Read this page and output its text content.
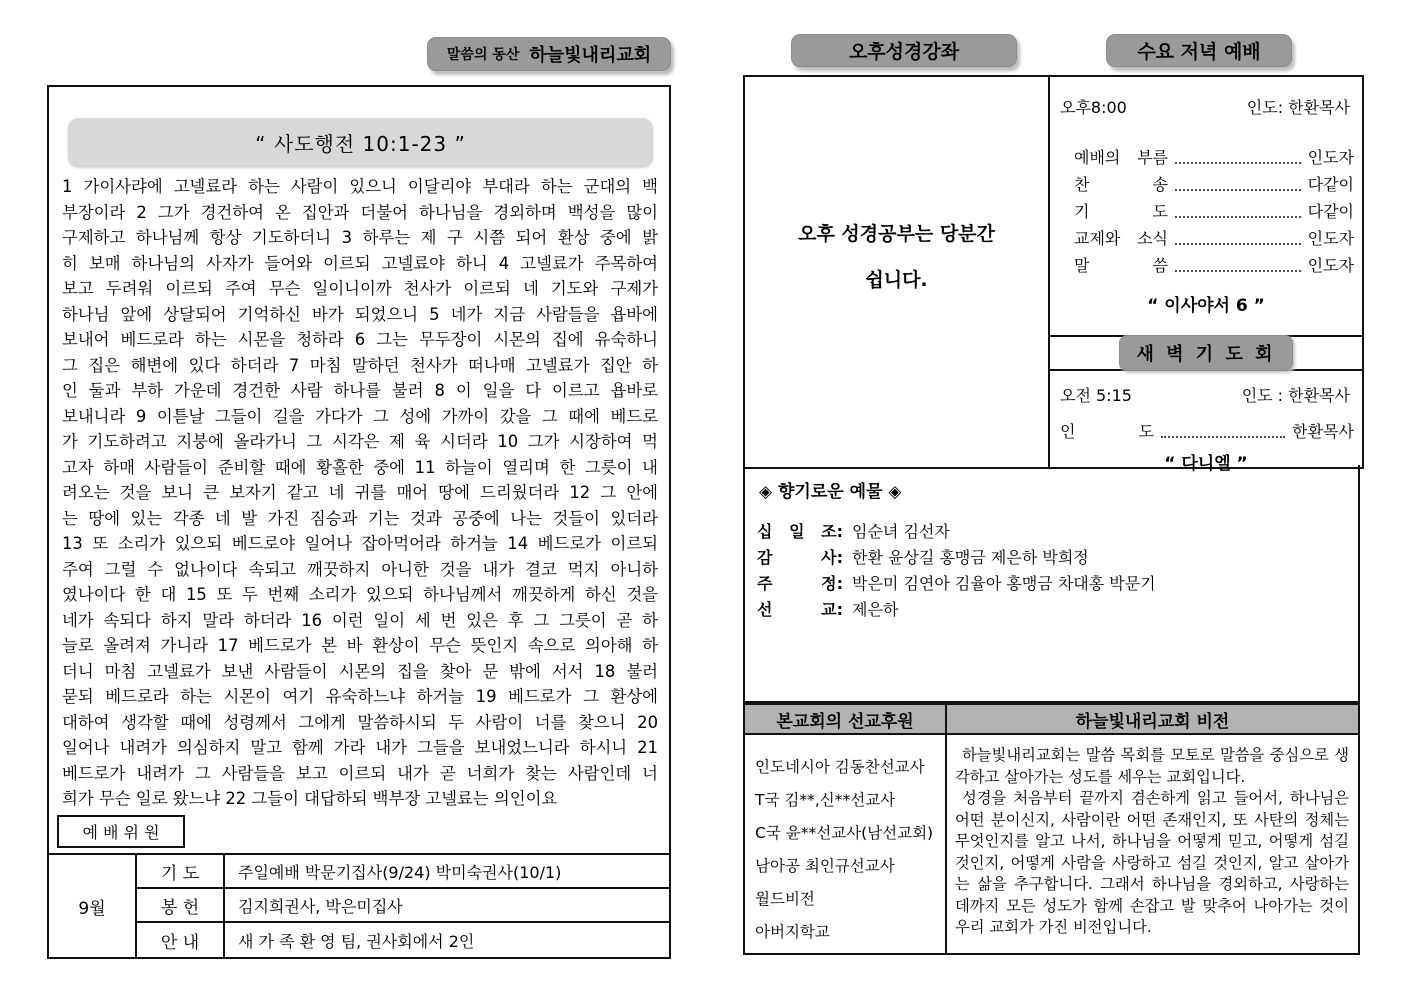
말씀의 동산 하늘빛내리교회	오후성경강좌	수요 저녁 예배
“ 사도행전 10:1-23 ”
1 가이사랴에 고넬료라 하는 사람이 있으니 이달리야 부대라 하는 군대의 백
부장이라 2 그가 경건하여 온 집안과 더불어 하나님을 경외하며 백성을 많이
구제하고 하나님께 항상 기도하더니 3 하루는 제 구 시쯤 되어 환상 중에 밝
히 보매 하나님의 사자가 들어와 이르되 고넬료야 하니 4 고넬료가 주목하여
보고 두려워 이르되 주여 무슨 일이니이까 천사가 이르되 네 기도와 구제가
하나님 앞에 상달되어 기억하신 바가 되었으니 5 네가 지금 사람들을 욥바에
보내어 베드로라 하는 시몬을 청하라 6 그는 무두장이 시몬의 집에 유숙하니
그 집은 해변에 있다 하더라 7 마침 말하던 천사가 떠나매 고넬료가 집안 하
인 둘과 부하 가운데 경건한 사람 하나를 불러 8 이 일을 다 이르고 욥바로
보내니라 9 이튿날 그들이 길을 가다가 그 성에 가까이 갔을 그 때에 베드로
가 기도하려고 지붕에 올라가니 그 시각은 제 육 시더라 10 그가 시장하여 먹
고자 하매 사람들이 준비할 때에 황홀한 중에 11 하늘이 열리며 한 그릇이 내
려오는 것을 보니 큰 보자기 같고 네 귀를 매어 땅에 드리웠더라 12 그 안에
는 땅에 있는 각종 네 발 가진 짐승과 기는 것과 공중에 나는 것들이 있더라
13 또 소리가 있으되 베드로야 일어나 잡아먹어라 하거늘 14 베드로가 이르되
주여 그럴 수 없나이다 속되고 깨끗하지 아니한 것을 내가 결코 먹지 아니하
였나이다 한 대 15 또 두 번째 소리가 있으되 하나님께서 깨끗하게 하신 것을
네가 속되다 하지 말라 하더라 16 이런 일이 세 번 있은 후 그 그릇이 곧 하
늘로 올려져 가니라 17 베드로가 본 바 환상이 무슨 뜻인지 속으로 의아해 하
더니 마침 고넬료가 보낸 사람들이 시몬의 집을 찾아 문 밖에 서서 18 불러
묻되 베드로라 하는 시몬이 여기 유숙하느냐 하거늘 19 베드로가 그 환상에
대하여 생각할 때에 성령께서 그에게 말씀하시되 두 사람이 너를 찾으니 20
일어나 내려가 의심하지 말고 함께 가라 내가 그들을 보내었느니라 하시니 21
베드로가 내려가 그 사람들을 보고 이르되 내가 곧 너희가 찾는 사람인데 너
희가 무슨 일로 왔느냐 22 그들이 대답하되 백부장 고넬료는 의인이요
예 배 위 원
9월
기 도	주일예배 박문기집사(9/24) 박미숙권사(10/1)
봉 헌	김지희권사, 박은미집사
안 내	새 가 족 환 영 팀, 권사회에서 2인
오후 성경공부는 당분간
쉽니다.
오후8:00	인도: 한환목사
예배의 부름	인도자
찬 송	다같이
기 도	다같이
교제와 소식	인도자
말 씀	인도자
“ 이사야서 6 ”
새 벽 기 도 회
오전 5:15	인도 : 한환목사
인 도	한환목사
“ 다니엘 ”
◈ 향기로운 예물 ◈
십 일 조: 임순녀 김선자
감 사: 한환 윤상길 홍맹금 제은하 박희정
주 정: 박은미 김연아 김율아 홍맹금 차대홍 박문기
선 교: 제은하
본교회의 선교후원	하늘빛내리교회 비전
인도네시아 김동찬선교사
T국 김**,신**선교사
C국 윤**선교사(남선교회)
남아공 최인규선교사
월드비전
아버지학교

하늘빛내리교회는 말씀 목회를 모토로 말씀을 중심으로 생각하고 살아가는 성도를 세우는 교회입니다.

성경을 처음부터 끝까지 겸손하게 읽고 들어서, 하나님은 어떤 분이신지, 사람이란 어떤 존재인지, 또 사탄의 정체는 무엇인지를 알고 나서, 하나님을 어떻게 믿고, 어떻게 섬길 것인지, 어떻게 사람을 사랑하고 섬길 것인지, 알고 살아가는 삶을 추구합니다. 그래서 하나님을 경외하고, 사랑하는 데까지 모든 성도가 함께 손잡고 발 맞추어 나아가는 것이 우리 교회가 가진 비전입니다.
